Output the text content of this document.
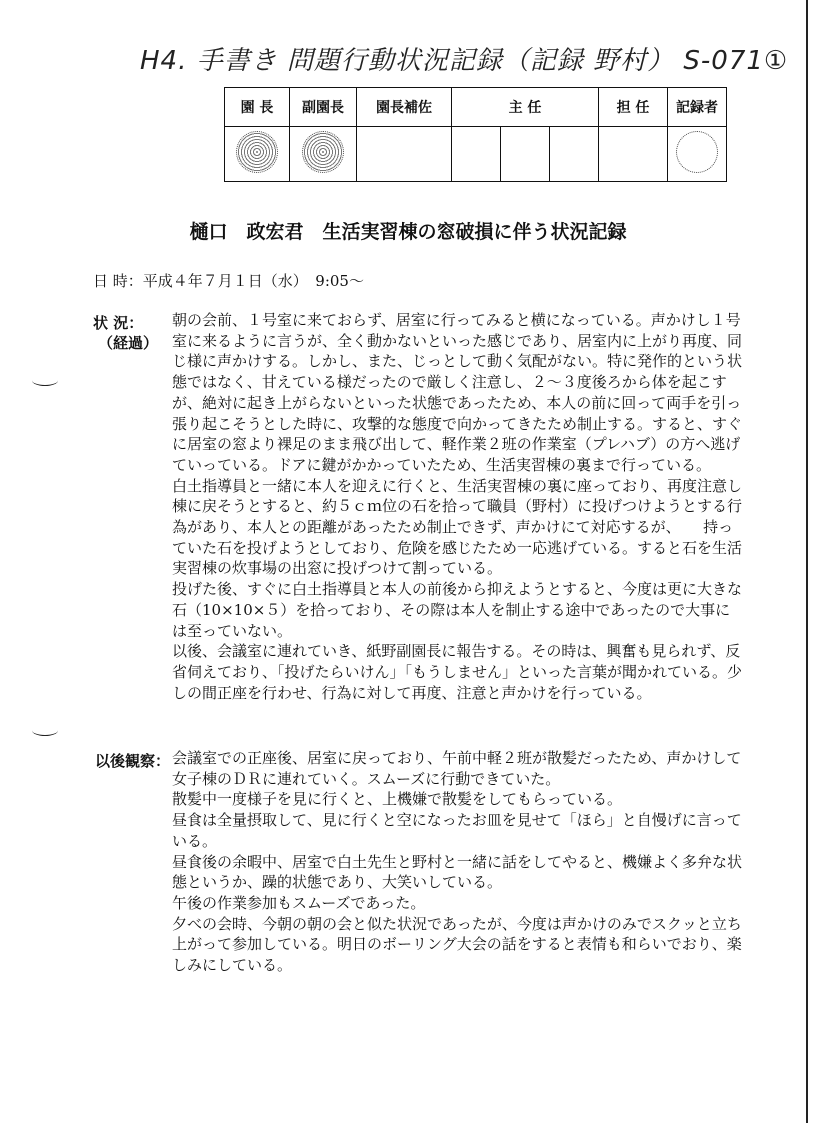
H4. 手書き 問題行動状況記録（記録 野村） S-071①
園 長	副園長	園長補佐	主 任			担 任	記録者

樋口　政宏君　生活実習棟の窓破損に伴う状況記録
日 時：平成４年７月１日（水）　9:05〜
状 況：
（経過）

朝の会前、１号室に来ておらず、居室に行ってみると横になっている。声かけし１号室に来るように言うが、全く動かないといった感じであり、居室内に上がり再度、同じ様に声かけする。しかし、また、じっとして動く気配がない。特に発作的という状態ではなく、甘えている様だったので厳しく注意し、２〜３度後ろから体を起こすが、絶対に起き上がらないといった状態であったため、本人の前に回って両手を引っ張り起こそうとした時に、攻撃的な態度で向かってきたため制止する。すると、すぐに居室の窓より裸足のまま飛び出して、軽作業２班の作業室（プレハブ）の方へ逃げていっている。ドアに鍵がかかっていたため、生活実習棟の裏まで行っている。

白土指導員と一緒に本人を迎えに行くと、生活実習棟の裏に座っており、再度注意し棟に戻そうとすると、約５ｃｍ位の石を拾って職員（野村）に投げつけようとする行為があり、本人との距離があったため制止できず、声かけにて対応するが、　　持っていた石を投げようとしており、危険を感じたため一応逃げている。すると石を生活実習棟の炊事場の出窓に投げつけて割っている。

投げた後、すぐに白土指導員と本人の前後から抑えようとすると、今度は更に大きな石（10×10×５）を拾っており、その際は本人を制止する途中であったので大事には至っていない。

以後、会議室に連れていき、紙野副園長に報告する。その時は、興奮も見られず、反省伺えており、「投げたらいけん」「もうしません」といった言葉が聞かれている。少しの間正座を行わせ、行為に対して再度、注意と声かけを行っている。

以後観察： 会議室での正座後、居室に戻っており、午前中軽２班が散髪だったため、声かけして女子棟のＤＲに連れていく。スムーズに行動できていた。

散髪中一度様子を見に行くと、上機嫌で散髪をしてもらっている。

昼食は全量摂取して、見に行くと空になったお皿を見せて「ほら」と自慢げに言っている。

昼食後の余暇中、居室で白土先生と野村と一緒に話をしてやると、機嫌よく多弁な状態というか、躁的状態であり、大笑いしている。

午後の作業参加もスムーズであった。

夕べの会時、今朝の朝の会と似た状況であったが、今度は声かけのみでスクッと立ち上がって参加している。明日のボーリング大会の話をすると表情も和らいでおり、楽しみにしている。
